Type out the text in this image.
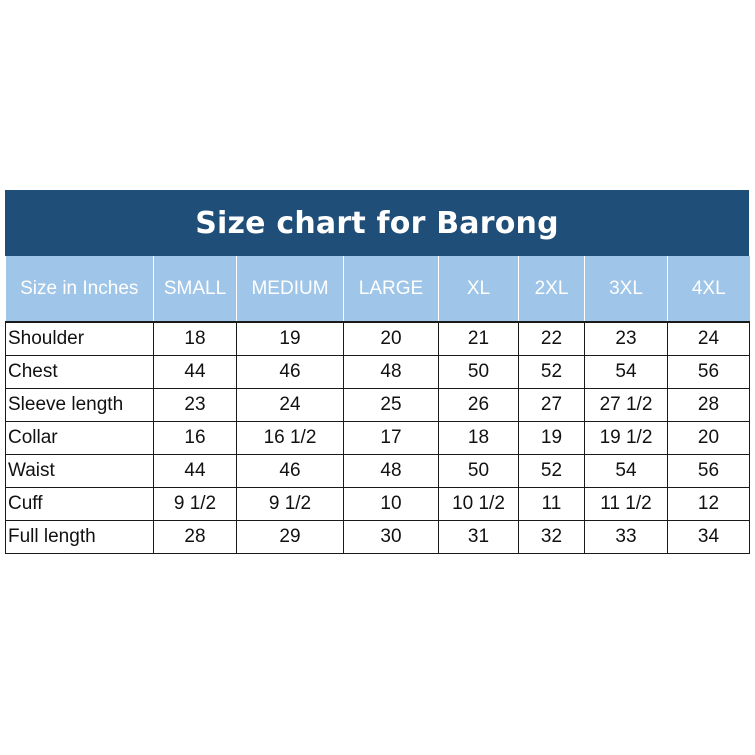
Size chart for Barong
Size in Inches	SMALL	MEDIUM	LARGE	XL	2XL	3XL	4XL
Shoulder	18	19	20	21	22	23	24
Chest	44	46	48	50	52	54	56
Sleeve length	23	24	25	26	27	27 1/2	28
Collar	16	16 1/2	17	18	19	19 1/2	20
Waist	44	46	48	50	52	54	56
Cuff	9 1/2	9 1/2	10	10 1/2	11	11 1/2	12
Full length	28	29	30	31	32	33	34
